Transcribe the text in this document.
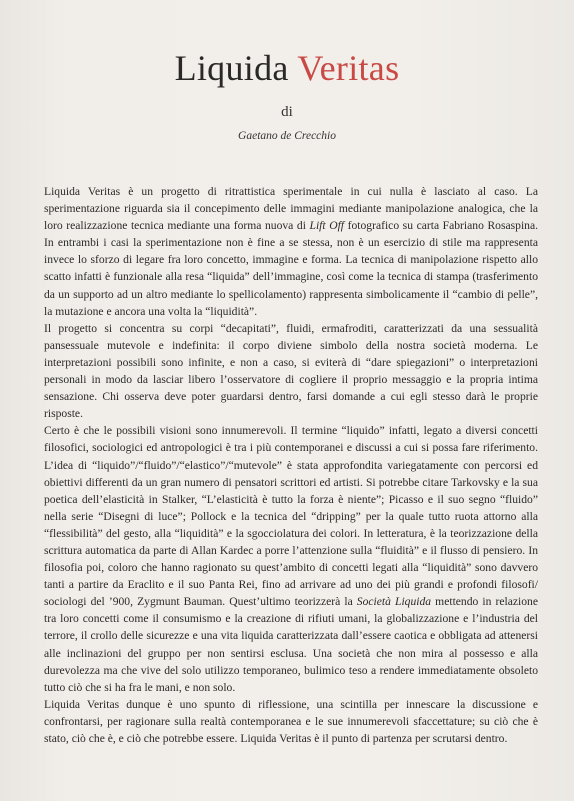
Liquida Veritas
di
Gaetano de Crecchio

Liquida Veritas è un progetto di ritrattistica sperimentale in cui nulla è lasciato al caso. La sperimentazione riguarda sia il concepimento delle immagini mediante manipolazione analogica, che la loro realizzazione tecnica mediante una forma nuova di Lift Off fotografico su carta Fabriano Rosaspina. In entrambi i casi la sperimentazione non è fine a se stessa, non è un esercizio di stile ma rappresenta invece lo sforzo di legare fra loro concetto, immagine e forma. La tecnica di manipolazione rispetto allo scatto infatti è funzionale alla resa “liquida” dell’immagine, così come la tecnica di stampa (trasferimento da un supporto ad un altro mediante lo spellicolamento) rappresenta simbolicamente il “cambio di pelle”, la mutazione e ancora una volta la “liquidità”.

Il progetto si concentra su corpi “decapitati”, fluidi, ermafroditi, caratterizzati da una sessualità pansessuale mutevole e indefinita: il corpo diviene simbolo della nostra società moderna. Le interpretazioni possibili sono infinite, e non a caso, si eviterà di “dare spiegazioni” o interpretazioni personali in modo da lasciar libero l’osservatore di cogliere il proprio messaggio e la propria intima sensazione. Chi osserva deve poter guardarsi dentro, farsi domande a cui egli stesso darà le proprie risposte.

Certo è che le possibili visioni sono innumerevoli. Il termine “liquido” infatti, legato a diversi concetti filosofici, sociologici ed antropologici è tra i più contemporanei e discussi a cui si possa fare riferimento. L’idea di “liquido”/“fluido”/“elastico”/“mutevole” è stata approfondita variegatamente con percorsi ed obiettivi differenti da un gran numero di pensatori scrittori ed artisti. Si potrebbe citare Tarkovsky e la sua poetica dell’elasticità in Stalker, “L’elasticità è tutto la forza è niente”; Picasso e il suo segno “fluido” nella serie “Disegni di luce”; Pollock e la tecnica del “dripping” per la quale tutto ruota attorno alla “flessibilità” del gesto, alla “liquidità” e la sgocciolatura dei colori. In letteratura, è la teorizzazione della scrittura automatica da parte di Allan Kardec a porre l’attenzione sulla “fluidità” e il flusso di pensiero. In filosofia poi, coloro che hanno ragionato su quest’ambito di concetti legati alla “liquidità” sono davvero tanti a partire da Eraclito e il suo Panta Rei, fino ad arrivare ad uno dei più grandi e profondi filosofi/ sociologi del ’900, Zygmunt Bauman. Quest’ultimo teorizzerà la Società Liquida mettendo in relazione tra loro concetti come il consumismo e la creazione di rifiuti umani, la globalizzazione e l’industria del terrore, il crollo delle sicurezze e una vita liquida caratterizzata dall’essere caotica e obbligata ad attenersi alle inclinazioni del gruppo per non sentirsi esclusa. Una società che non mira al possesso e alla durevolezza ma che vive del solo utilizzo temporaneo, bulimico teso a rendere immediatamente obsoleto tutto ciò che si ha fra le mani, e non solo.

Liquida Veritas dunque è uno spunto di riflessione, una scintilla per innescare la discussione e confrontarsi, per ragionare sulla realtà contemporanea e le sue innumerevoli sfaccettature; su ciò che è stato, ciò che è, e ciò che potrebbe essere. Liquida Veritas è il punto di partenza per scrutarsi dentro.
